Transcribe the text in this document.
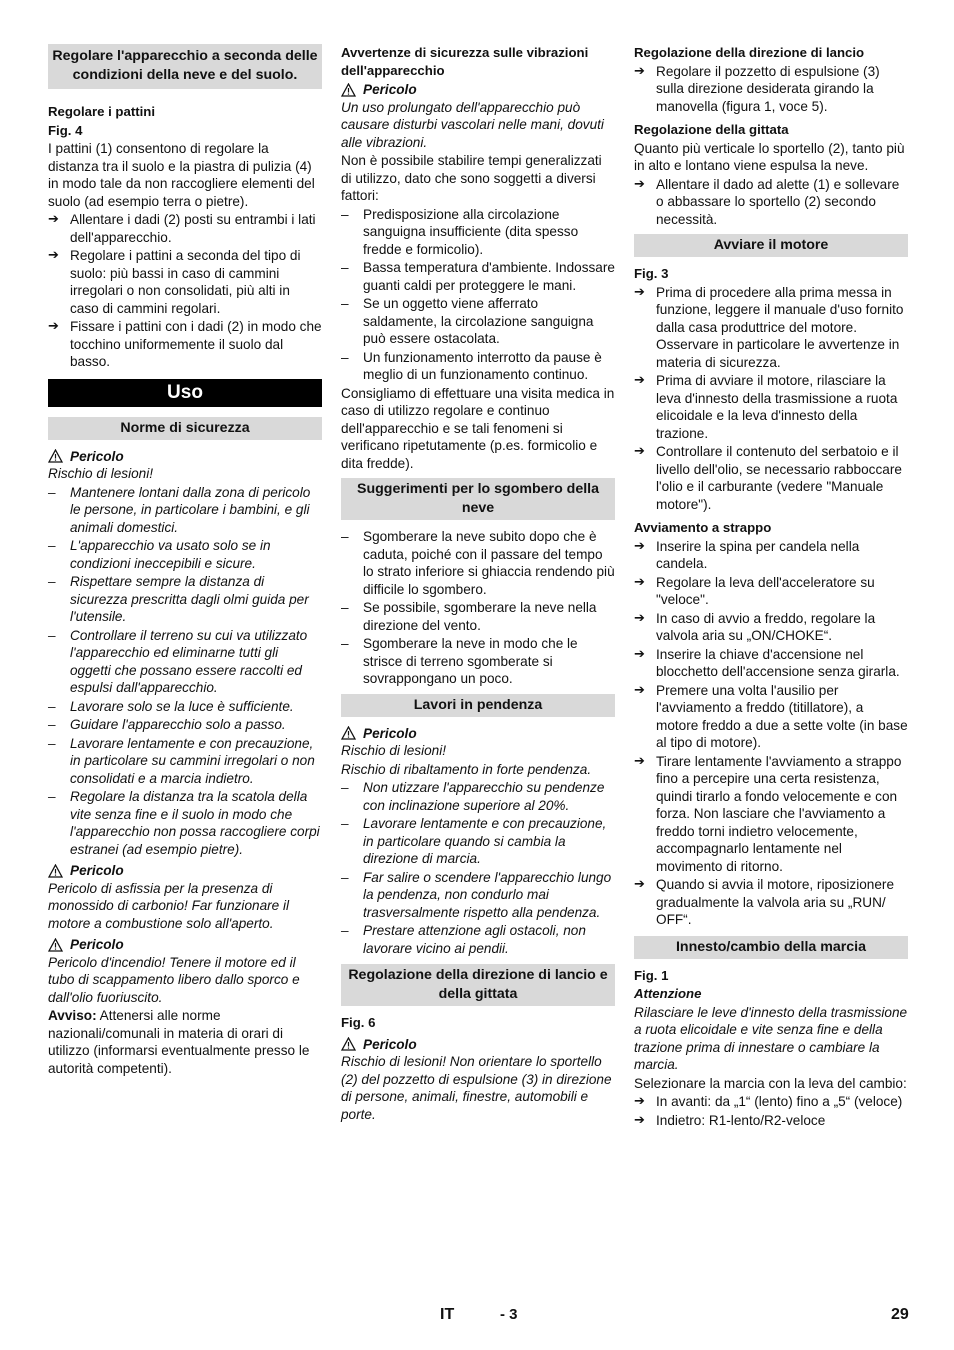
Regolare l'apparecchio a seconda delle condizioni della neve e del suolo.

Regolare i pattini

Fig. 4

I pattini (1) consentono di regolare la distanza tra il suolo e la piastra di pulizia (4) in modo tale da non raccogliere elementi del suolo (ad esempio terra o pietre).

➔ Allentare i dadi (2) posti su entrambi i lati dell'apparecchio.
➔ Regolare i pattini a seconda del tipo di suolo: più bassi in caso di cammini irregolari o non consolidati, più alti in caso di cammini regolari.
➔ Fissare i pattini con i dadi (2) in modo che tocchino uniformemente il suolo dal basso.
Uso
Norme di sicurezza
Pericolo

Rischio di lesioni!

– Mantenere lontani dalla zona di pericolo le persone, in particolare i bambini, e gli animali domestici.
– L'apparecchio va usato solo se in condizioni ineccepibili e sicure.
– Rispettare sempre la distanza di sicurezza prescritta dagli olmi guida per l'utensile.
– Controllare il terreno su cui va utilizzato l'apparecchio ed eliminarne tutti gli oggetti che possano essere raccolti ed espulsi dall'apparecchio.
– Lavorare solo se la luce è sufficiente.
– Guidare l'apparecchio solo a passo.
– Lavorare lentamente e con precauzione, in particolare su cammini irregolari o non consolidati e a marcia indietro.
– Regolare la distanza tra la scatola della vite senza fine e il suolo in modo che l'apparecchio non possa raccogliere corpi estranei (ad esempio pietre).
Pericolo

Pericolo di asfissia per la presenza di monossido di carbonio! Far funzionare il motore a combustione solo all'aperto.

Pericolo

Pericolo d'incendio! Tenere il motore ed il tubo di scappamento libero dallo sporco e dall'olio fuoriuscito.

Avviso: Attenersi alle norme nazionali/comunali in materia di orari di utilizzo (informarsi eventualmente presso le autorità competenti).

Avvertenze di sicurezza sulle vibrazioni dell'apparecchio

Pericolo

Un uso prolungato dell'apparecchio può causare disturbi vascolari nelle mani, dovuti alle vibrazioni.

Non è possibile stabilire tempi generalizzati di utilizzo, dato che sono soggetti a diversi fattori:

– Predisposizione alla circolazione sanguigna insufficiente (dita spesso fredde e formicolio).
– Bassa temperatura d'ambiente. Indossare guanti caldi per proteggere le mani.
– Se un oggetto viene afferrato saldamente, la circolazione sanguigna può essere ostacolata.
– Un funzionamento interrotto da pause è meglio di un funzionamento continuo.

Consigliamo di effettuare una visita medica in caso di utilizzo regolare e continuo dell'apparecchio e se tali fenomeni si verificano ripetutamente (p.es. formicolio e dita fredde).

Suggerimenti per lo sgombero della neve
– Sgomberare la neve subito dopo che è caduta, poiché con il passare del tempo lo strato inferiore si ghiaccia rendendo più difficile lo sgombero.
– Se possibile, sgomberare la neve nella direzione del vento.
– Sgomberare la neve in modo che le strisce di terreno sgomberate si sovrappongano un poco.
Lavori in pendenza
Pericolo

Rischio di lesioni!

Rischio di ribaltamento in forte pendenza.

– Non utizzare l'apparecchio su pendenze con inclinazione superiore al 20%.
– Lavorare lentamente e con precauzione, in particolare quando si cambia la direzione di marcia.
– Far salire o scendere l'apparecchio lungo la pendenza, non condurlo mai trasversalmente rispetto alla pendenza.
– Prestare attenzione agli ostacoli, non lavorare vicino ai pendii.
Regolazione della direzione di lancio e della gittata

Fig. 6

Pericolo

Rischio di lesioni! Non orientare lo sportello (2) del pozzetto di espulsione (3) in direzione di persone, animali, finestre, automobili e porte.

Regolazione della direzione di lancio

➔ Regolare il pozzetto di espulsione (3) sulla direzione desiderata girando la manovella (figura 1, voce 5).

Regolazione della gittata

Quanto più verticale lo sportello (2), tanto più in alto e lontano viene espulsa la neve.

➔ Allentare il dado ad alette (1) e sollevare o abbassare lo sportello (2) secondo necessità.
Avviare il motore

Fig. 3

➔ Prima di procedere alla prima messa in funzione, leggere il manuale d'uso fornito dalla casa produttrice del motore. Osservare in particolare le avvertenze in materia di sicurezza.
➔ Prima di avviare il motore, rilasciare la leva d'innesto della trasmissione a ruota elicoidale e la leva d'innesto della trazione.
➔ Controllare il contenuto del serbatoio e il livello dell'olio, se necessario rabboccare l'olio e il carburante (vedere "Manuale motore").

Avviamento a strappo

➔ Inserire la spina per candela nella candela.
➔ Regolare la leva dell'acceleratore su "veloce".
➔ In caso di avvio a freddo, regolare la valvola aria su „ON/CHOKE“.
➔ Inserire la chiave d'accensione nel blocchetto dell'accensione senza girarla.
➔ Premere una volta l'ausilio per l'avviamento a freddo (titillatore), a motore freddo a due a sette volte (in base al tipo di motore).
➔ Tirare lentamente l'avviamento a strappo fino a percepire una certa resistenza, quindi tirarlo a fondo velocemente e con forza. Non lasciare che l'avviamento a freddo torni indietro velocemente, accompagnarlo lentamente nel movimento di ritorno.
➔ Quando si avvia il motore, riposizionere gradualmente la valvola aria su „RUN/ OFF“.
Innesto/cambio della marcia

Fig. 1

Attenzione

Rilasciare le leve d'innesto della trasmissione a ruota elicoidale e vite senza fine e della trazione prima di innestare o cambiare la marcia.

Selezionare la marcia con la leva del cambio:

➔ In avanti: da „1“ (lento) fino a „5“ (veloce)
➔ Indietro: R1-lento/R2-veloce
IT	- 3	29
